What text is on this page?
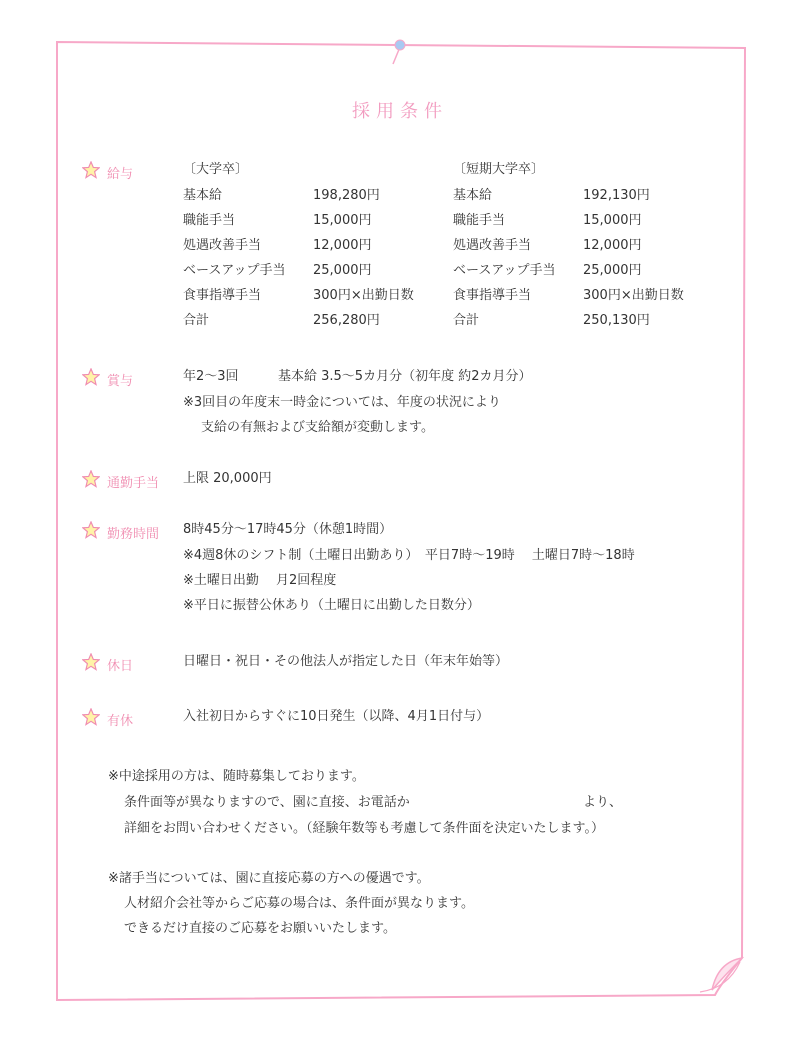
採用条件
給与	〔大学卒〕
基本給	198,280円
職能手当	15,000円
処遇改善手当	12,000円
ベースアップ手当 25,000円
食事指導手当	300円×出勤日数
合計	256,280円
〔短期大学卒〕
基本給	192,130円
職能手当	15,000円
処遇改善手当	12,000円
ベースアップ手当 25,000円
食事指導手当	300円×出勤日数
合計	250,130円
賞与	年2～3回	基本給 3.5～5カ月分（初年度 約2カ月分）
※3回目の年度末一時金については、年度の状況により
支給の有無および支給額が変動します。
通勤手当 上限 20,000円
勤務時間 8時45分～17時45分（休憩1時間）
※4週8休のシフト制（土曜日出勤あり）　平日7時～19時　 土曜日7時～18時
※土曜日出勤　 月2回程度
※平日に振替公休あり（土曜日に出勤した日数分）
休日	日曜日・祝日・その他法人が指定した日（年末年始等）
有休	入社初日からすぐに10日発生（以降、4月1日付与）
※中途採用の方は、随時募集しております。
条件面等が異なりますので、園に直接、お電話か	より、
詳細をお問い合わせください。（経験年数等も考慮して条件面を決定いたします。）
※諸手当については、園に直接応募の方への優遇です。
人材紹介会社等からご応募の場合は、条件面が異なります。
できるだけ直接のご応募をお願いいたします。
